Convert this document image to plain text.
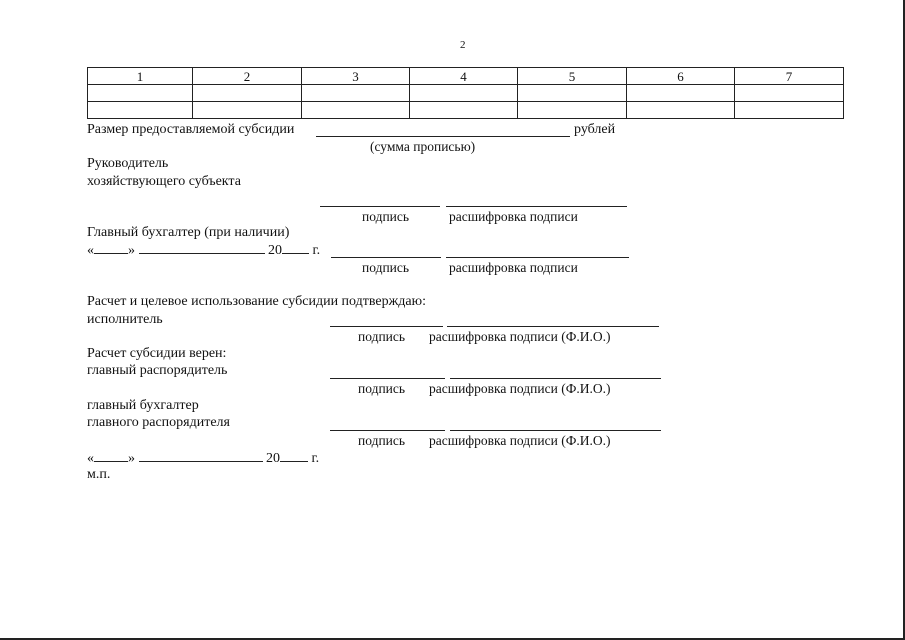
2
1	2	3	4	5	6	7

Размер предоставляемой субсидии	рублей
(сумма прописью)
Руководитель
хозяйствующего субъекта
подпись	расшифровка подписи
Главный бухгалтер (при наличии)
« »	20 г.
подпись	расшифровка подписи
Расчет и целевое использование субсидии подтверждаю:
исполнитель
подпись расшифровка подписи (Ф.И.О.)
Расчет субсидии верен:
главный распорядитель
подпись расшифровка подписи (Ф.И.О.)
главный бухгалтер
главного распорядителя
подпись расшифровка подписи (Ф.И.О.)
« »	20 г.
м.п.
